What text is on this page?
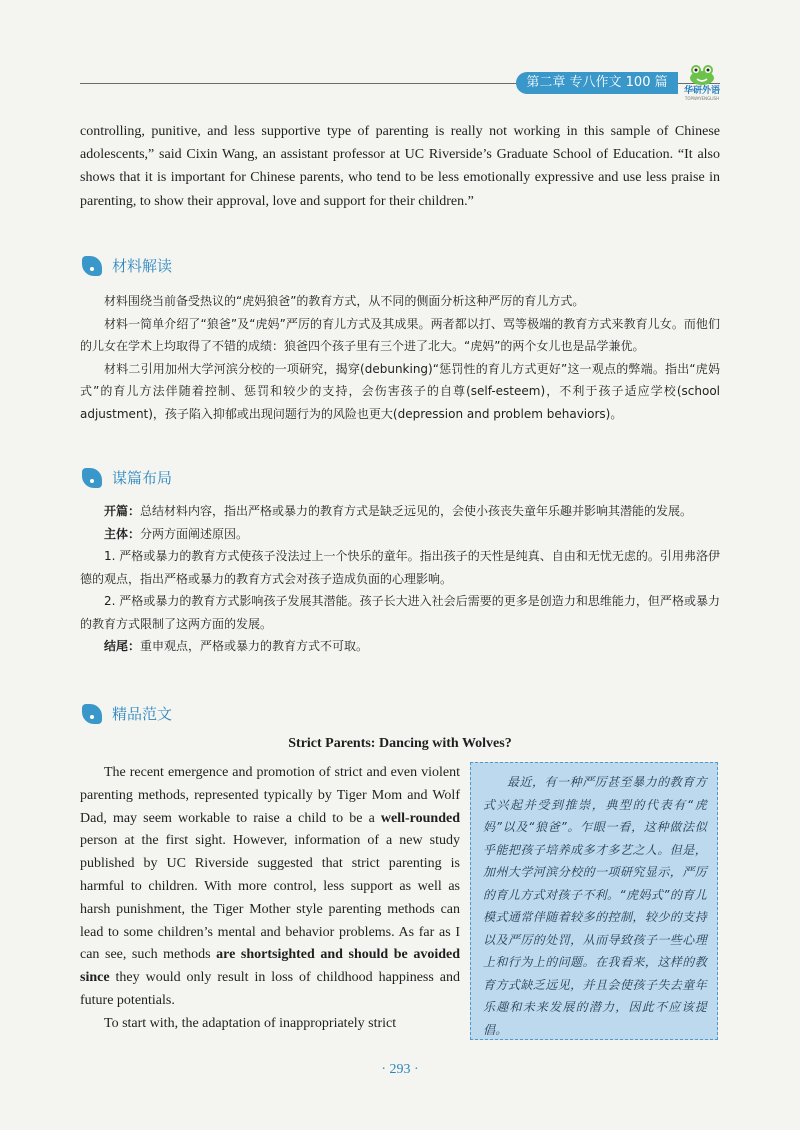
第二章 专八作文 100 篇
华研外语
TOPWAYENGLISH
controlling, punitive, and less supportive type of parenting is really not working in this sample of Chinese adolescents,” said Cixin Wang, an assistant professor at UC Riverside’s Graduate School of Education. “It also shows that it is important for Chinese parents, who tend to be less emotionally expressive and use less praise in parenting, to show their approval, love and support for their children.”
材料解读

材料围绕当前备受热议的“虎妈狼爸”的教育方式，从不同的侧面分析这种严厉的育儿方式。

材料一简单介绍了“狼爸”及“虎妈”严厉的育儿方式及其成果。两者都以打、骂等极端的教育方式来教育儿女。而他们的儿女在学术上均取得了不错的成绩：狼爸四个孩子里有三个进了北大。“虎妈”的两个女儿也是品学兼优。

材料二引用加州大学河滨分校的一项研究，揭穿(debunking)“惩罚性的育儿方式更好”这一观点的弊端。指出“虎妈式”的育儿方法伴随着控制、惩罚和较少的支持，会伤害孩子的自尊(self-esteem)，不利于孩子适应学校(school adjustment)，孩子陷入抑郁或出现问题行为的风险也更大(depression and problem behaviors)。

谋篇布局

开篇：总结材料内容，指出严格或暴力的教育方式是缺乏远见的，会使小孩丧失童年乐趣并影响其潜能的发展。

主体：分两方面阐述原因。

1. 严格或暴力的教育方式使孩子没法过上一个快乐的童年。指出孩子的天性是纯真、自由和无忧无虑的。引用弗洛伊德的观点，指出严格或暴力的教育方式会对孩子造成负面的心理影响。

2. 严格或暴力的教育方式影响孩子发展其潜能。孩子长大进入社会后需要的更多是创造力和思维能力，但严格或暴力的教育方式限制了这两方面的发展。

结尾：重申观点，严格或暴力的教育方式不可取。

精品范文
Strict Parents: Dancing with Wolves?

The recent emergence and promotion of strict and even violent parenting methods, represented typically by Tiger Mom and Wolf Dad, may seem workable to raise a child to be a well-rounded person at the first sight. However, information of a new study published by UC Riverside suggested that strict parenting is harmful to children. With more control, less support as well as harsh punishment, the Tiger Mother style parenting methods can lead to some children’s mental and behavior problems. As far as I can see, such methods are shortsighted and should be avoided since they would only result in loss of childhood happiness and future potentials.

To start with, the adaptation of inappropriately strict

最近，有一种严厉甚至暴力的教育方式兴起并受到推崇，典型的代表有“虎妈”以及“狼爸”。乍眼一看，这种做法似乎能把孩子培养成多才多艺之人。但是，加州大学河滨分校的一项研究显示，严厉的育儿方式对孩子不利。“虎妈式”的育儿模式通常伴随着较多的控制，较少的支持以及严厉的处罚，从而导致孩子一些心理上和行为上的问题。在我看来，这样的教育方式缺乏远见，并且会使孩子失去童年乐趣和未来发展的潜力，因此不应该提倡。
· 293 ·
